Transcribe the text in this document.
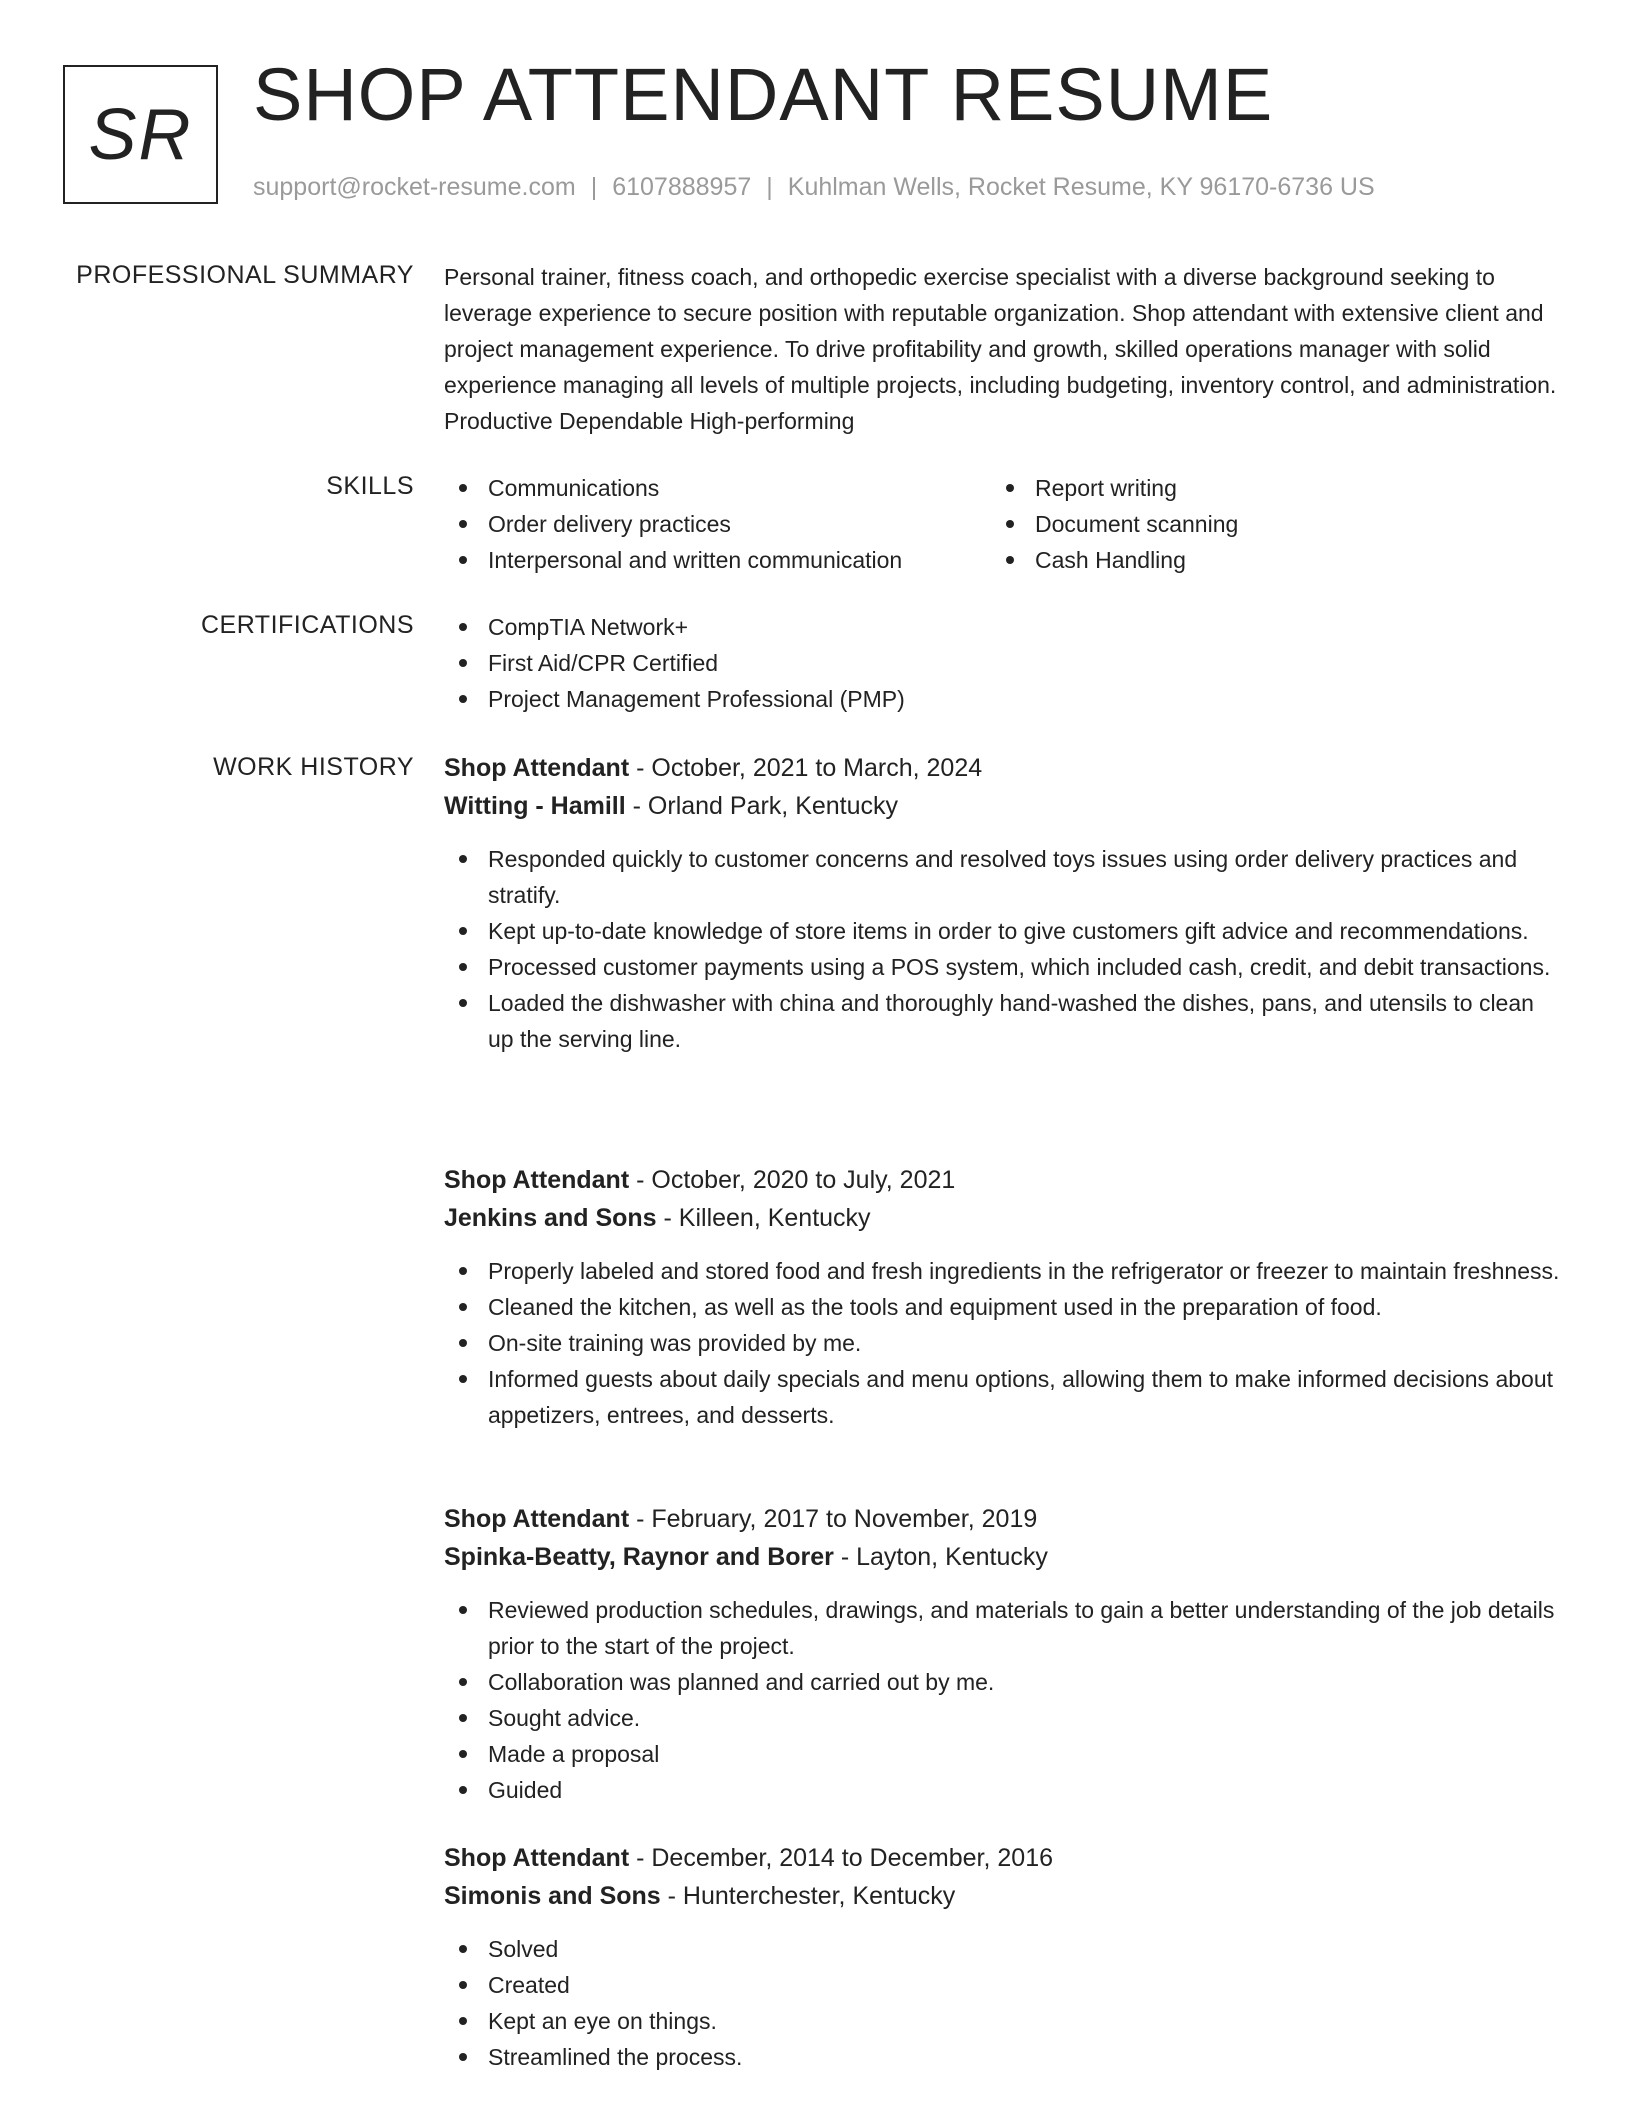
SR SHOP ATTENDANT RESUME
support@rocket-resume.com | 6107888957 | Kuhlman Wells, Rocket Resume, KY 96170-6736 US
PROFESSIONAL SUMMARY Personal trainer, fitness coach, and orthopedic exercise specialist with a diverse background seeking to leverage experience to secure position with reputable organization. Shop attendant with extensive client and project management experience. To drive profitability and growth, skilled operations manager with solid experience managing all levels of multiple projects, including budgeting, inventory control, and administration. Productive Dependable High-performing

SKILLS	Communications
Order delivery practices
Interpersonal and written communication
Report writing
Document scanning
Cash Handling
CERTIFICATIONS	CompTIA Network+
First Aid/CPR Certified
Project Management Professional (PMP)
WORK HISTORY Shop Attendant - October, 2021 to March, 2024
Witting - Hamill - Orland Park, Kentucky
Responded quickly to customer concerns and resolved toys issues using order delivery practices and stratify.
Kept up-to-date knowledge of store items in order to give customers gift advice and recommendations.
Processed customer payments using a POS system, which included cash, credit, and debit transactions.
Loaded the dishwasher with china and thoroughly hand-washed the dishes, pans, and utensils to clean up the serving line.
Shop Attendant - October, 2020 to July, 2021
Jenkins and Sons - Killeen, Kentucky
Properly labeled and stored food and fresh ingredients in the refrigerator or freezer to maintain freshness.
Cleaned the kitchen, as well as the tools and equipment used in the preparation of food.
On-site training was provided by me.
Informed guests about daily specials and menu options, allowing them to make informed decisions about appetizers, entrees, and desserts.
Shop Attendant - February, 2017 to November, 2019
Spinka-Beatty, Raynor and Borer - Layton, Kentucky
Reviewed production schedules, drawings, and materials to gain a better understanding of the job details prior to the start of the project.
Collaboration was planned and carried out by me.
Sought advice.
Made a proposal
Guided
Shop Attendant - December, 2014 to December, 2016
Simonis and Sons - Hunterchester, Kentucky
Solved
Created
Kept an eye on things.
Streamlined the process.
